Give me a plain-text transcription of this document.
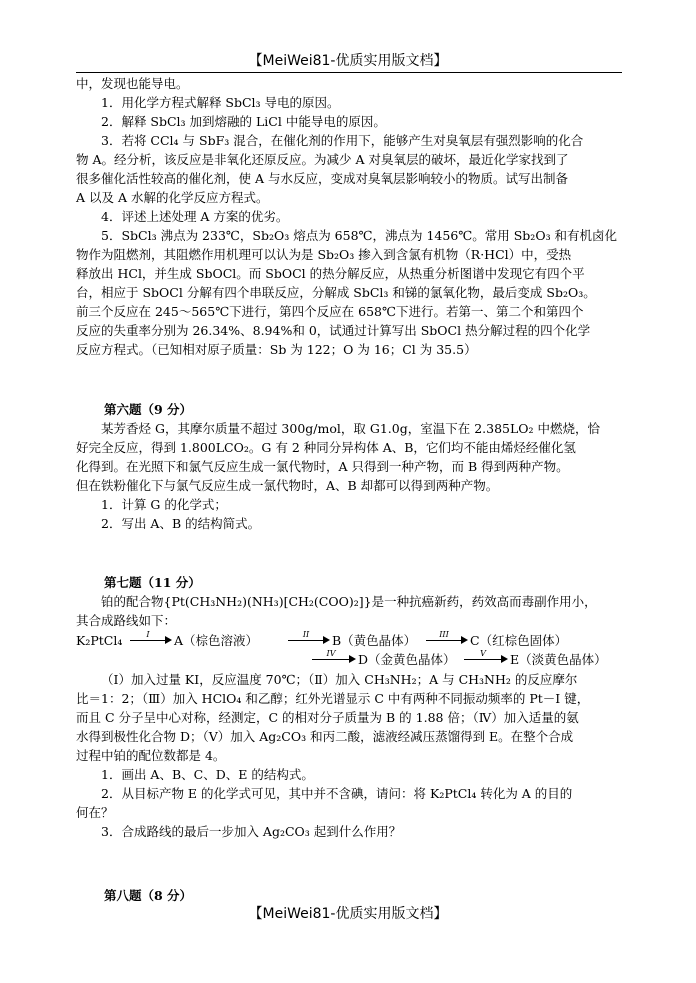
【MeiWei81-优质实用版文档】

中，发现也能导电。

1．用化学方程式解释 SbCl₃ 导电的原因。

2．解释 SbCl₃ 加到熔融的 LiCl 中能导电的原因。

3．若将 CCl₄ 与 SbF₃ 混合，在催化剂的作用下，能够产生对臭氧层有强烈影响的化合

物 A。经分析，该反应是非氧化还原反应。为减少 A 对臭氧层的破坏，最近化学家找到了

很多催化活性较高的催化剂，使 A 与水反应，变成对臭氧层影响较小的物质。试写出制备

A 以及 A 水解的化学反应方程式。

4．评述上述处理 A 方案的优劣。

5．SbCl₃ 沸点为 233℃，Sb₂O₃ 熔点为 658℃，沸点为 1456℃。常用 Sb₂O₃ 和有机卤化

物作为阻燃剂，其阻燃作用机理可以认为是 Sb₂O₃ 掺入到含氯有机物（R·HCl）中，受热

释放出 HCl，并生成 SbOCl。而 SbOCl 的热分解反应，从热重分析图谱中发现它有四个平

台，相应于 SbOCl 分解有四个串联反应，分解成 SbCl₃ 和锑的氯氧化物，最后变成 Sb₂O₃。

前三个反应在 245～565℃下进行，第四个反应在 658℃下进行。若第一、第二个和第四个

反应的失重率分别为 26.34%、8.94%和 0，试通过计算写出 SbOCl 热分解过程的四个化学

反应方程式。（已知相对原子质量：Sb 为 122；O 为 16；Cl 为 35.5）

第六题（9 分）

某芳香烃 G，其摩尔质量不超过 300g/mol，取 G1.0g，室温下在 2.385LO₂ 中燃烧，恰

好完全反应，得到 1.800LCO₂。G 有 2 种同分异构体 A、B，它们均不能由烯烃经催化氢

化得到。在光照下和氯气反应生成一氯代物时，A 只得到一种产物，而 B 得到两种产物。

但在铁粉催化下与氯气反应生成一氯代物时，A、B 却都可以得到两种产物。

1．计算 G 的化学式；

2．写出 A、B 的结构简式。

第七题（11 分）

铂的配合物{Pt(CH₃NH₂)(NH₃)[CH₂(COO)₂]}是一种抗癌新药，药效高而毒副作用小，

其合成路线如下：

K₂PtCl₄	I	A（棕色溶液）	II	B（黄色晶体）	III	C（红棕色固体）
IV	D（金黄色晶体）	V	E（淡黄色晶体）

（Ⅰ）加入过量 KI，反应温度 70℃；（Ⅱ）加入 CH₃NH₂；A 与 CH₃NH₂ 的反应摩尔

比＝1：2；（Ⅲ）加入 HClO₄ 和乙醇；红外光谱显示 C 中有两种不同振动频率的 Pt－I 键，

而且 C 分子呈中心对称，经测定，C 的相对分子质量为 B 的 1.88 倍；（Ⅳ）加入适量的氨

水得到极性化合物 D；（Ⅴ）加入 Ag₂CO₃ 和丙二酸，滤液经减压蒸馏得到 E。在整个合成

过程中铂的配位数都是 4。

1．画出 A、B、C、D、E 的结构式。

2．从目标产物 E 的化学式可见，其中并不含碘，请问：将 K₂PtCl₄ 转化为 A 的目的

何在？

3．合成路线的最后一步加入 Ag₂CO₃ 起到什么作用？

第八题（8 分）

【MeiWei81-优质实用版文档】
